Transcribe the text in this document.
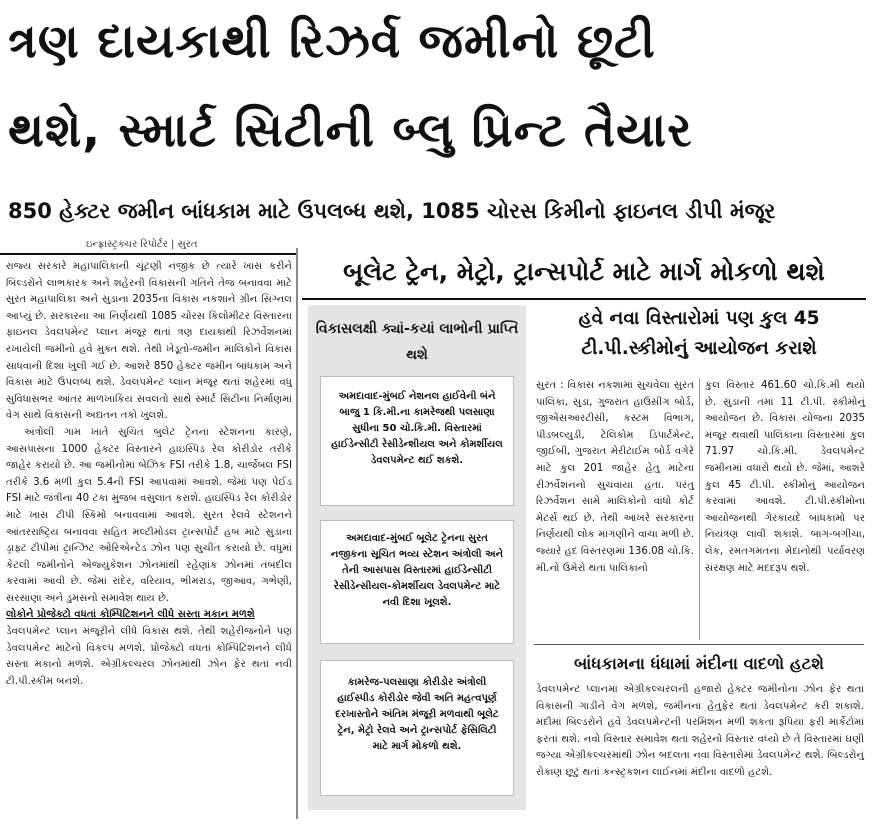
ત્રણ દાયકાથી રિઝર્વ જમીનો છૂટી
થશે, સ્માર્ટ સિટીની બ્લુ પ્રિન્ટ તૈયાર
850 હેક્ટર જમીન બાંધકામ માટે ઉપલબ્ધ થશે, 1085 ચોરસ કિમીનો ફાઇનલ ડીપી મંજૂર
ઇન્ફ્રાસ્ટ્રક્ચર રિપોર્ટર | સુરત

રાજ્ય સરકારે મહાપાલિકાની ચૂંટણી નજીક છે ત્યારે ખાસ કરીને બિલ્ડરોને લાભકારક અને શહેરની વિકાસની ગતિને તેજ બનાવવા માટે સુરત મહાપાલિકા અને સુડાના 2035ના વિકાસ નકશાને ગ્રીન સિગ્નલ આપ્યું છે. સરકારના આ નિર્ણયથી 1085 ચોરસ કિલોમીટર વિસ્તારના ફાઇનલ ડેવલપમેન્ટ પ્લાન મંજૂર થતાં ત્રણ દાયકાથી રિઝર્વેશનમાં રખાયેલી જમીનો હવે મુક્ત થશે. તેથી ખેડૂતો-જમીન માલિકોને વિકાસ સાધવાની દિશા ખુલી ગઈ છે. આશરે 850 હેક્ટર જમીન બાંધકામ અને વિકાસ માટે ઉપલબ્ધ થશે. ડેવલપમેન્ટ પ્લાન મંજૂર થતાં શહેરમાં વધુ સુવિધાસભર આંતર માળખાકિય સવલતો સાથે સ્માર્ટ સિટીના નિર્માણમાં વેગ સાથે વિકાસની અદ્યતન તકો ખુલશે.

અંત્રોલી ગામ ખાતે સુચિત બુલેટ ટ્રેનના સ્ટેશનના કારણે, આસપાસના 1000 હેક્ટર વિસ્તારને હાઇસ્પિડ રેલ કોરીડોર તરીકે જાહેર કરાયો છે. આ જમીનોમાં બેઝિક FSI તરીકે 1.8, ચાર્જેબલ FSI તરીકે 3.6 મળી કુલ 5.4ની FSI આપવામાં આવશે. જેમાં પણ પેઈડ FSI માટે જંત્રીના 40 ટકા મુજબ વસુલાત કરાશે. હાઇસ્પિડ રેલ કોરીડોર માટે ખાસ ટીપી સ્કિમો બનાવવામાં આવશે. સુરત રેલવે સ્ટેશનને આંતરરાષ્ટ્રિય બનાવવા સહિત મલ્ટીમોડલ ટ્રાન્સપોર્ટ હબ માટે સુડાના ડ્રાફ્ટ ટીપીમાં ટ્રાન્ઝિટ ઓરિએન્ટેડ ઝોન પણ સુચીત કરાયો છે. વધુમાં કેટલી જમીનોને એજ્યુકેશન ઝોનમાંથી રહેણાંક ઝોનમાં તબદીલ કરવામાં આવી છે. જેમાં રાંદેર, વરિયાવ, ભીમરાડ, જીઆવ, ગભેણી, સરસાણા અને ડુમસનો સમાવેશ થાય છે.

લોકોને પ્રોજેક્ટો વધતાં કોમ્પિટિશનને લીધે સસ્તા મકાન મળશે

ડેવલપમેન્ટ પ્લાન મંજૂરીને લીધે વિકાસ થશે. તેથી શહેરીજનોને પણ ડેવલપમેન્ટ માટેનો વિકલ્પ મળશે. પ્રોજેક્ટો વધતાં કોમ્પિટિશનને લીધે સસ્તા મકાનો મળશે. એગ્રીકલ્ચરલ ઝોનમાંથી ઝોન ફેર થતાં નવી ટી.પી.સ્કીમ બનશે.

બૂલેટ ટ્રેન, મેટ્રો, ટ્રાન્સપોર્ટ માટે માર્ગ મોકળો થશે
વિકાસલક્ષી ક્યાં-કયાં લાભોની પ્રાપ્તિ થશે
અમદાવાદ-મુંબઈ નેશનલ હાઈવેની બંને બાજુ 1 કિ.મી.ના કામરેજથી પલસાણા સુધીના 50 ચો.કિ.મી. વિસ્તારમાં હાઈડેન્સીટી રેસીડેન્શીયલ અને કોમર્શીયલ ડેવલપમેન્ટ થઈ શકશે.
અમદાવાદ-મુંબઈ બૂલેટ ટ્રેનના સુરત નજીકના સૂચિત ભવ્ય સ્ટેશન અંત્રોલી અને તેની આસપાસ વિસ્તારમાં હાઈડેન્સીટી રેસીડેન્સીયલ-કોમર્શીયલ ડેવલપમેન્ટ માટે નવી દિશા ખૂલશે.
કામરેજ-પલસાણા કોરીડોર અંત્રોલી હાઈસ્પીડ કોરીડોર જેવી અતિ મહત્વપૂર્ણ દરખાસ્તોને અંતિમ મંજૂરી મળવાથી બૂલેટ ટ્રેન, મેટ્રો રેલવે અને ટ્રાન્સપોર્ટ ફેસિલિટી માટે માર્ગ મોકળો થશે.
હવે નવા વિસ્તારોમાં પણ કુલ 45 ટી.પી.સ્કીમોનું આયોજન કરાશે
સુરત : વિકાસ નકશામાં સુચવેલા સુરત પાલિકા, સુડા, ગુજરાત હાઉસીંગ બોર્ડ, જીએસઆરટીસી, કસ્ટમ વિભાગ, પીડબલ્યુડી, ટેલિકોમ ડિપાર્ટમેન્ટ, જીઈબી, ગુજરાત મેરીટાઈમ બોર્ડ વગેરે માટે કુલ 201 જાહેર હેતુ માટેના રીઝર્વેશનનો સુચવાયા હતા. પરંતુ રિઝર્વેશન સામે માલિકોનો વાંધો કોર્ટ મેટર્સ થઈ છે. તેથી આખરે સરકારના નિર્ણયથી લોક માંગણીને વાચા મળી છે. જ્યારે હદ વિસ્તરણમાં 136.08 ચો.કિ. મી.નો ઉમેરો થતાં પાલિકાનો
કુલ વિસ્તાર 461.60 ચો.કિ.મી થયો છે. સુડાની તમાં 11 ટી.પી. સ્કીમોનું આયોજન છે. વિકાસ યોજના 2035 મંજૂર થવાથી પાલિકાના વિસ્તારમાં કુલ 71.97 ચો.કિ.મી. ડેવલપમેન્ટ જમીનમાં વધારો થયો છે. જેમાં, આશરે કુલ 45 ટી.પી. સ્કીમોનું આયોજન કરવામાં આવશે. ટી.પી.સ્કીમોના આયોજનથી ગેરકાયદે બાંધકામો પર નિયંત્રણ લાવી શકાશે. બાગ-બગીચા, લેક, રમતગમતના મેદાનોથી પર્યાવરણ સંરક્ષણ માટે મદદરૂપ થશે.
બાંધકામના ધંધામાં મંદીના વાદળો હટશે
ડેવલપમેન્ટ પ્લાનમાં એગ્રીકલ્ચરલની હજારો હેક્ટર જમીનોના ઝોન ફેર થતાં વિકાસની ગાડીને વેગ મળશે, જમીનના હેતુફેર થતાં ડેવલપમેન્ટ કરી શકાશે. મંદીમાં બિલ્ડરોને હવે ડેવલપમેન્ટની પરમિશન મળી શકતા રૂપિયા ફરી માર્કેટોમાં ફરતાં થશે. નવો વિસ્તાર સમાવેશ થતાં શહેરનો વિસ્તાર વધ્યો છે તે વિસ્તારમાં ઘણી જગ્યા એગ્રીકલ્ચરમાંથી ઝોન બદલતા નવા વિસ્તારોમાં ડેવલપમેન્ટ થશે. બિલ્ડરોનું રોકાણ છૂટું થતાં કન્સ્ટ્રકશન લાઈનમાં મંદીના વાદળો હટશે.
